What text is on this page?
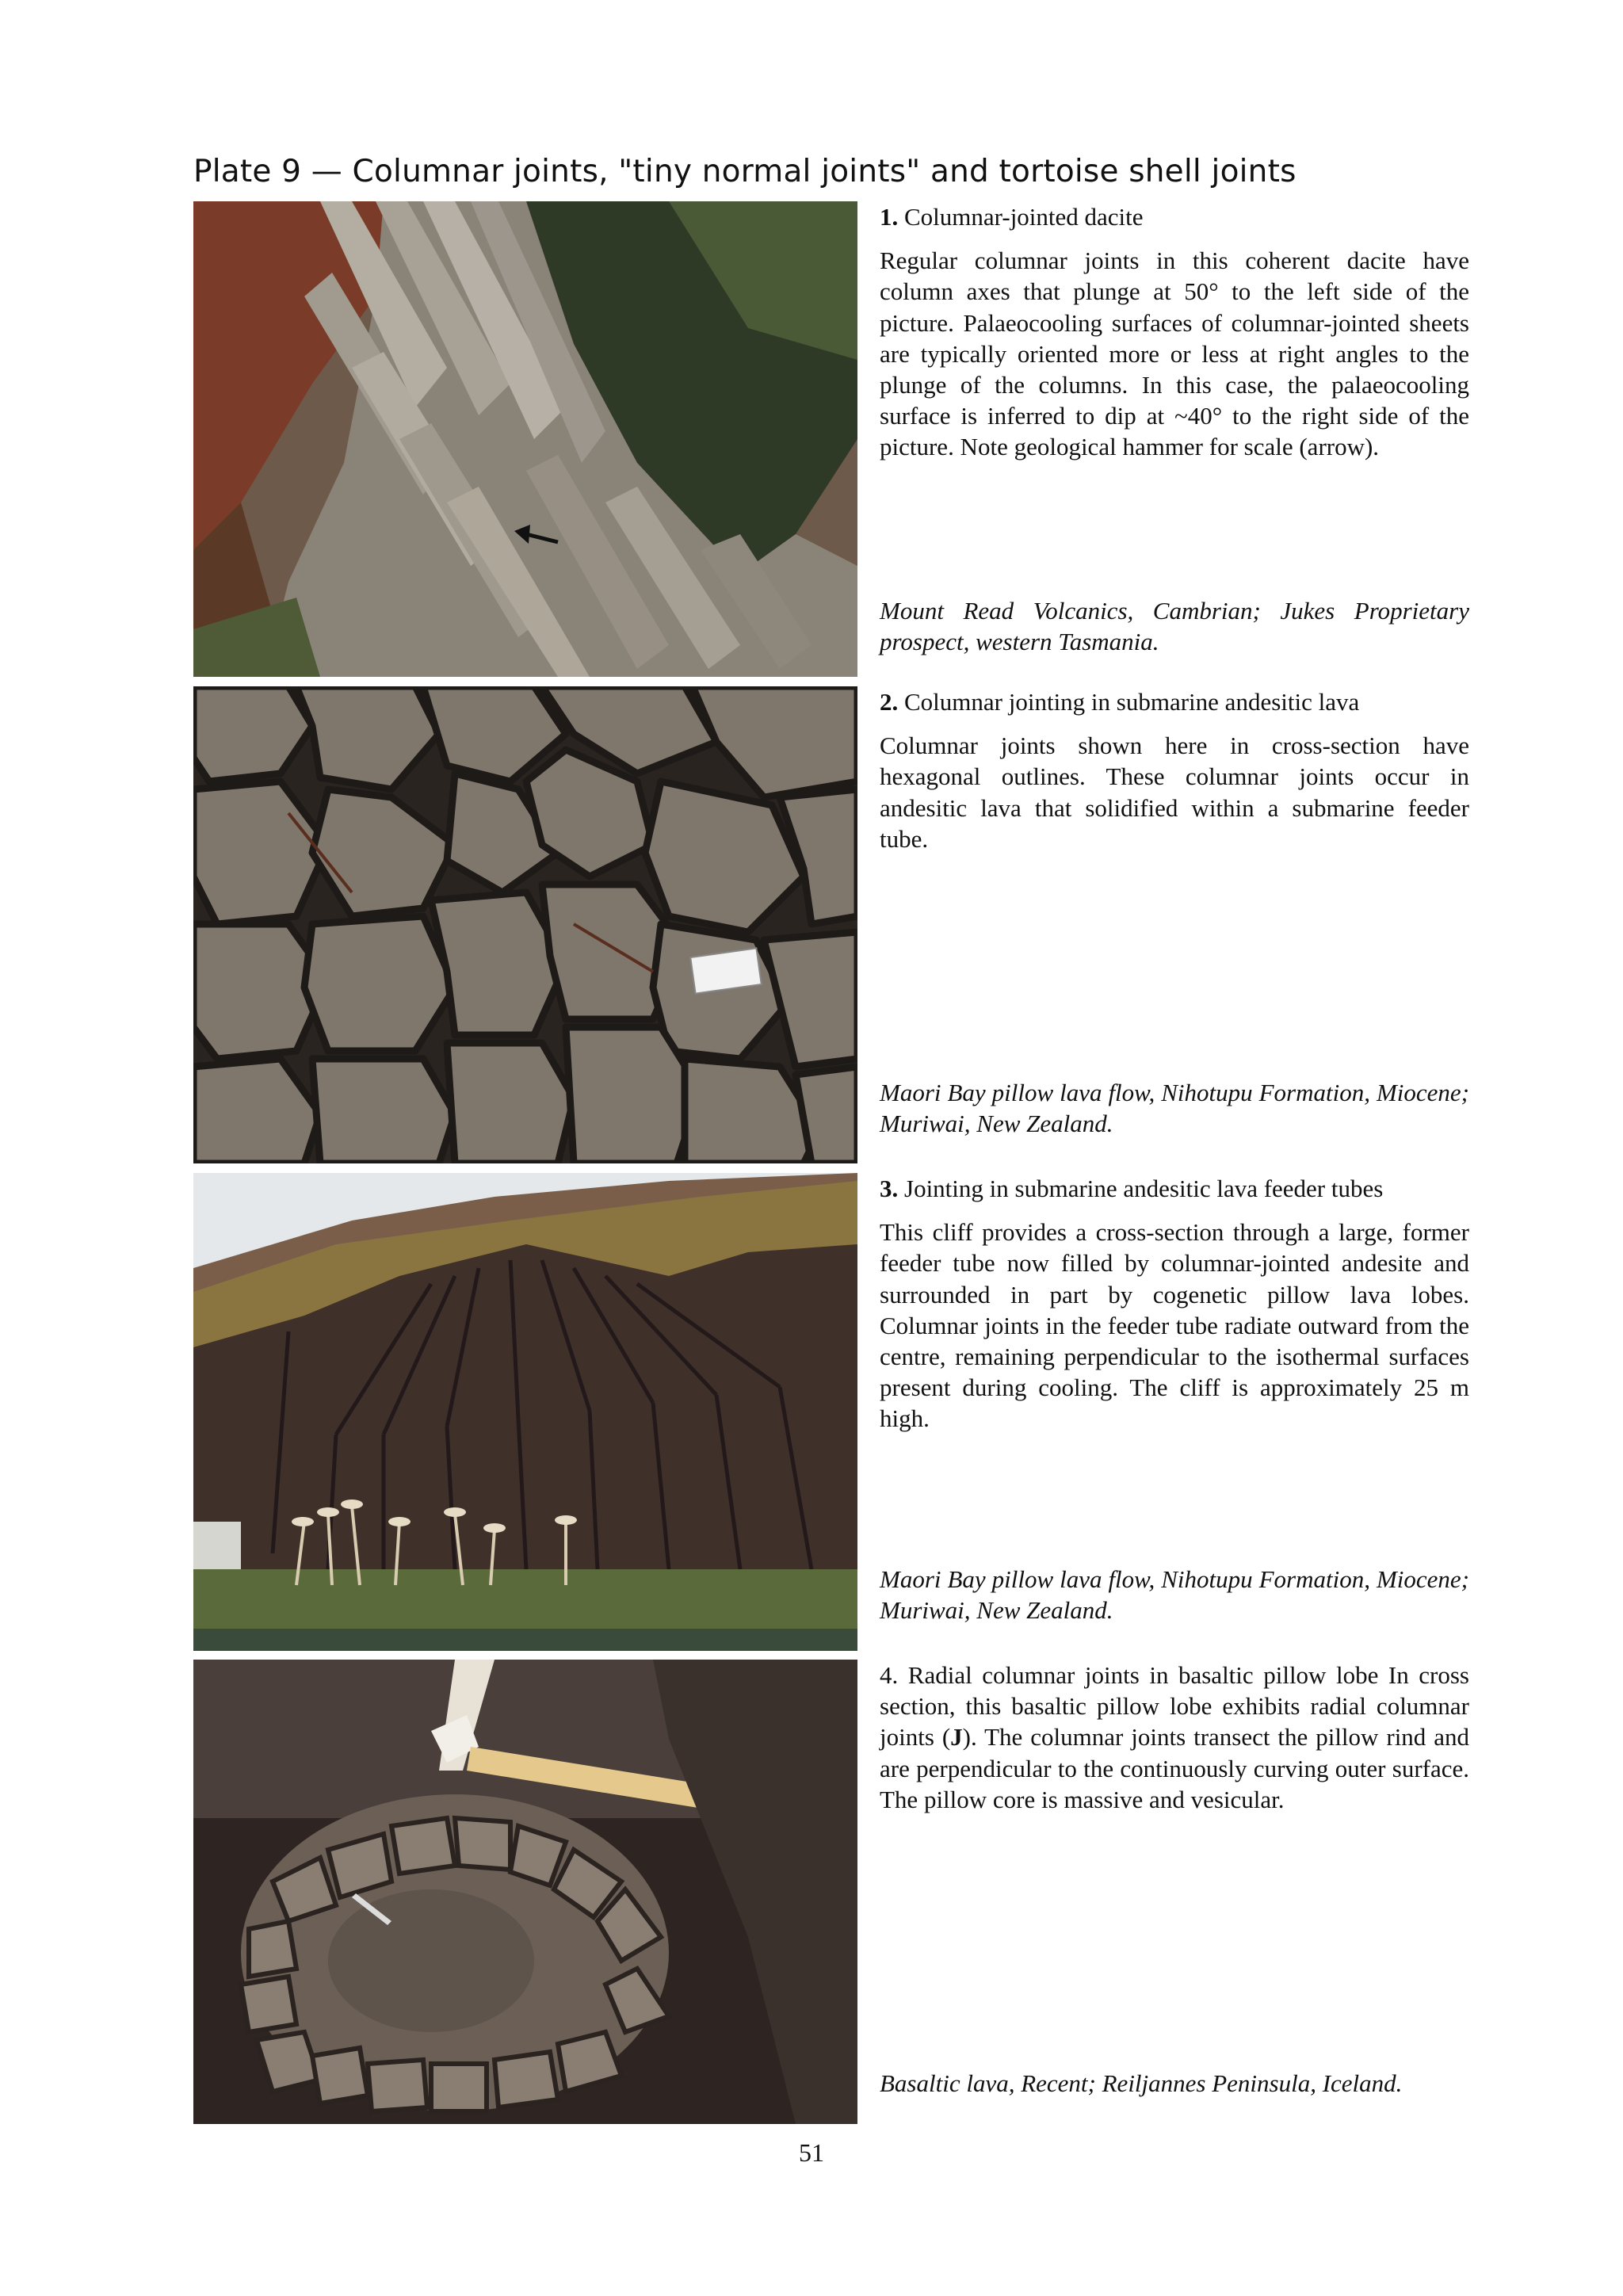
Plate 9 — Columnar joints, "tiny normal joints" and tortoise shell joints

1. Columnar-jointed dacite

Regular columnar joints in this coherent dacite have column axes that plunge at 50° to the left side of the picture. Palaeocooling surfaces of columnar-jointed sheets are typically oriented more or less at right angles to the plunge of the columns. In this case, the palaeocooling surface is inferred to dip at ~40° to the right side of the picture. Note geological hammer for scale (arrow).

Mount Read Volcanics, Cambrian; Jukes Proprietary prospect, western Tasmania.

2. Columnar jointing in submarine andesitic lava

Columnar joints shown here in cross-section have hexagonal outlines. These columnar joints occur in andesitic lava that solidified within a submarine feeder tube.

Maori Bay pillow lava flow, Nihotupu Formation, Miocene; Muriwai, New Zealand.

3. Jointing in submarine andesitic lava feeder tubes

This cliff provides a cross-section through a large, former feeder tube now filled by columnar-jointed andesite and surrounded in part by cogenetic pillow lava lobes. Columnar joints in the feeder tube radiate outward from the centre, remaining perpendicular to the isothermal surfaces present during cooling. The cliff is approximately 25 m high.

Maori Bay pillow lava flow, Nihotupu Formation, Miocene; Muriwai, New Zealand.

4. Radial columnar joints in basaltic pillow lobe In cross section, this basaltic pillow lobe exhibits radial columnar joints (J). The columnar joints transect the pillow rind and are perpendicular to the continuously curving outer surface. The pillow core is massive and vesicular.

Basaltic lava, Recent; Reiljannes Peninsula, Iceland.

51
